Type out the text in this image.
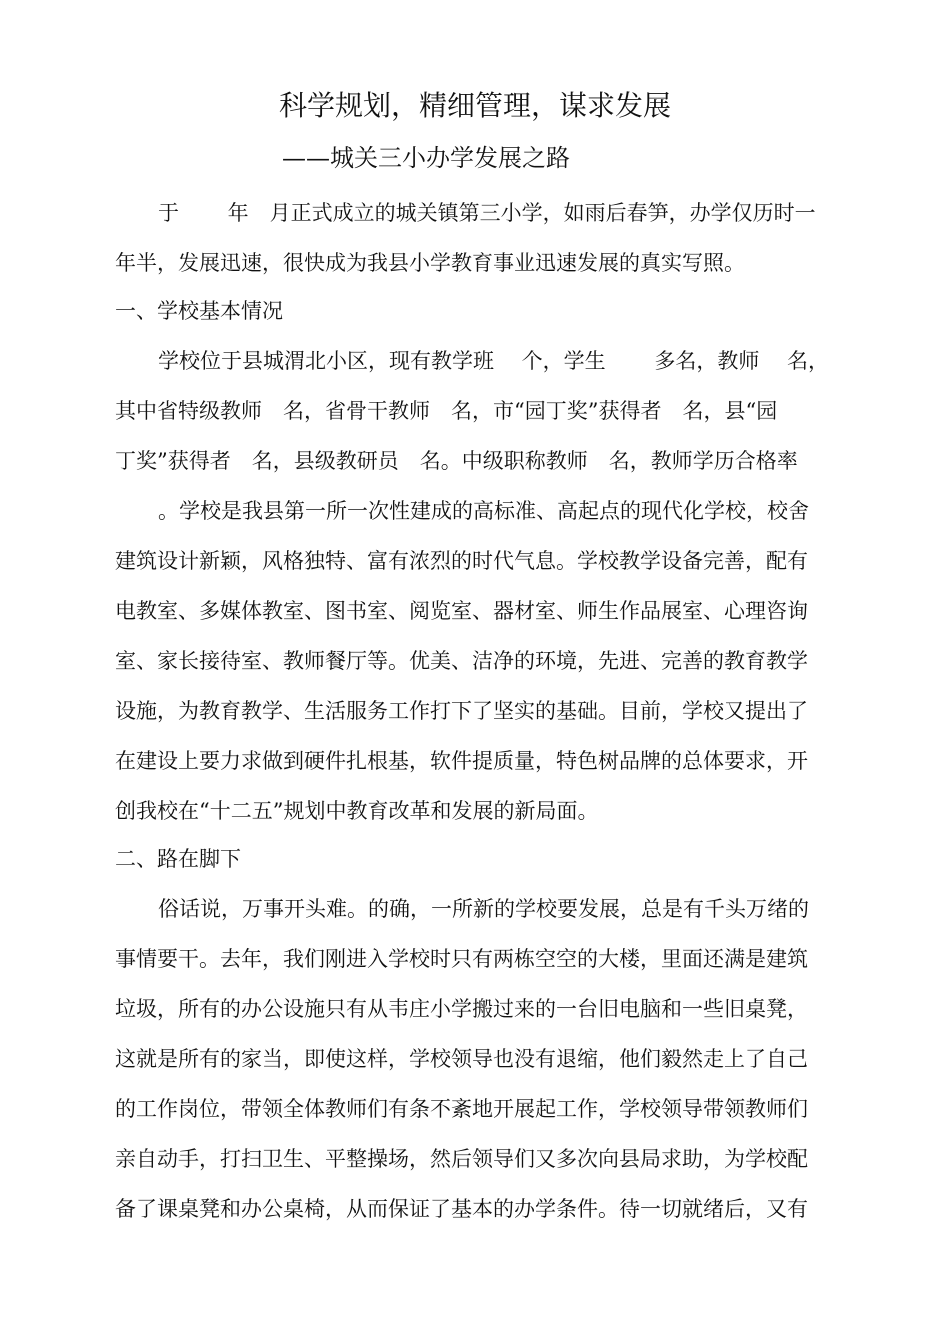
科学规划，精细管理，谋求发展
——城关三小办学发展之路
于　　 年　月正式成立的城关镇第三小学，如雨后春笋，办学仅历时一
年半，发展迅速，很快成为我县小学教育事业迅速发展的真实写照。
一、学校基本情况
学校位于县城渭北小区，现有教学班　 个，学生　　 多名，教师　 名，
其中省特级教师　名，省骨干教师　名，市“园丁奖”获得者　名，县“园
丁奖”获得者　名，县级教研员　名。中级职称教师　名，教师学历合格率
。学校是我县第一所一次性建成的高标准、高起点的现代化学校，校舍
建筑设计新颖，风格独特、富有浓烈的时代气息。学校教学设备完善，配有
电教室、多媒体教室、图书室、阅览室、器材室、师生作品展室、心理咨询
室、家长接待室、教师餐厅等。优美、洁净的环境，先进、完善的教育教学
设施，为教育教学、生活服务工作打下了坚实的基础。目前，学校又提出了
在建设上要力求做到硬件扎根基，软件提质量，特色树品牌的总体要求，开
创我校在“十二五”规划中教育改革和发展的新局面。
二、路在脚下
俗话说，万事开头难。的确，一所新的学校要发展，总是有千头万绪的
事情要干。去年，我们刚进入学校时只有两栋空空的大楼，里面还满是建筑
垃圾，所有的办公设施只有从韦庄小学搬过来的一台旧电脑和一些旧桌凳，
这就是所有的家当，即使这样，学校领导也没有退缩，他们毅然走上了自己
的工作岗位，带领全体教师们有条不紊地开展起工作，学校领导带领教师们
亲自动手，打扫卫生、平整操场，然后领导们又多次向县局求助，为学校配
备了课桌凳和办公桌椅，从而保证了基本的办学条件。待一切就绪后，又有
